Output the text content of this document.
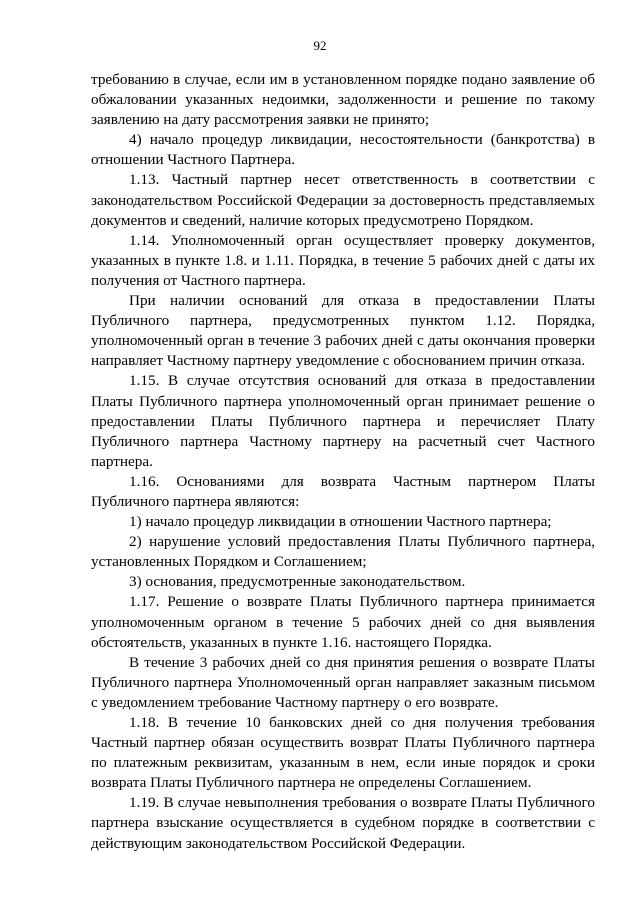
92

требованию в случае, если им в установленном порядке подано заявление об обжаловании указанных недоимки, задолженности и решение по такому заявлению на дату рассмотрения заявки не принято;

4) начало процедур ликвидации, несостоятельности (банкротства) в отношении Частного Партнера.

1.13. Частный партнер несет ответственность в соответствии с законодательством Российской Федерации за достоверность представляемых документов и сведений, наличие которых предусмотрено Порядком.

1.14. Уполномоченный орган осуществляет проверку документов, указанных в пункте 1.8. и 1.11. Порядка, в течение 5 рабочих дней с даты их получения от Частного партнера.

При наличии оснований для отказа в предоставлении Платы Публичного партнера, предусмотренных пунктом 1.12. Порядка, уполномоченный орган в течение 3 рабочих дней с даты окончания проверки направляет Частному партнеру уведомление с обоснованием причин отказа.

1.15. В случае отсутствия оснований для отказа в предоставлении Платы Публичного партнера уполномоченный орган принимает решение о предоставлении Платы Публичного партнера и перечисляет Плату Публичного партнера Частному партнеру на расчетный счет Частного партнера.

1.16. Основаниями для возврата Частным партнером Платы Публичного партнера являются:

1) начало процедур ликвидации в отношении Частного партнера;

2) нарушение условий предоставления Платы Публичного партнера, установленных Порядком и Соглашением;

3) основания, предусмотренные законодательством.

1.17. Решение о возврате Платы Публичного партнера принимается уполномоченным органом в течение 5 рабочих дней со дня выявления обстоятельств, указанных в пункте 1.16. настоящего Порядка.

В течение 3 рабочих дней со дня принятия решения о возврате Платы Публичного партнера Уполномоченный орган направляет заказным письмом с уведомлением требование Частному партнеру о его возврате.

1.18. В течение 10 банковских дней со дня получения требования Частный партнер обязан осуществить возврат Платы Публичного партнера по платежным реквизитам, указанным в нем, если иные порядок и сроки возврата Платы Публичного партнера не определены Соглашением.

1.19. В случае невыполнения требования о возврате Платы Публичного партнера взыскание осуществляется в судебном порядке в соответствии с действующим законодательством Российской Федерации.
